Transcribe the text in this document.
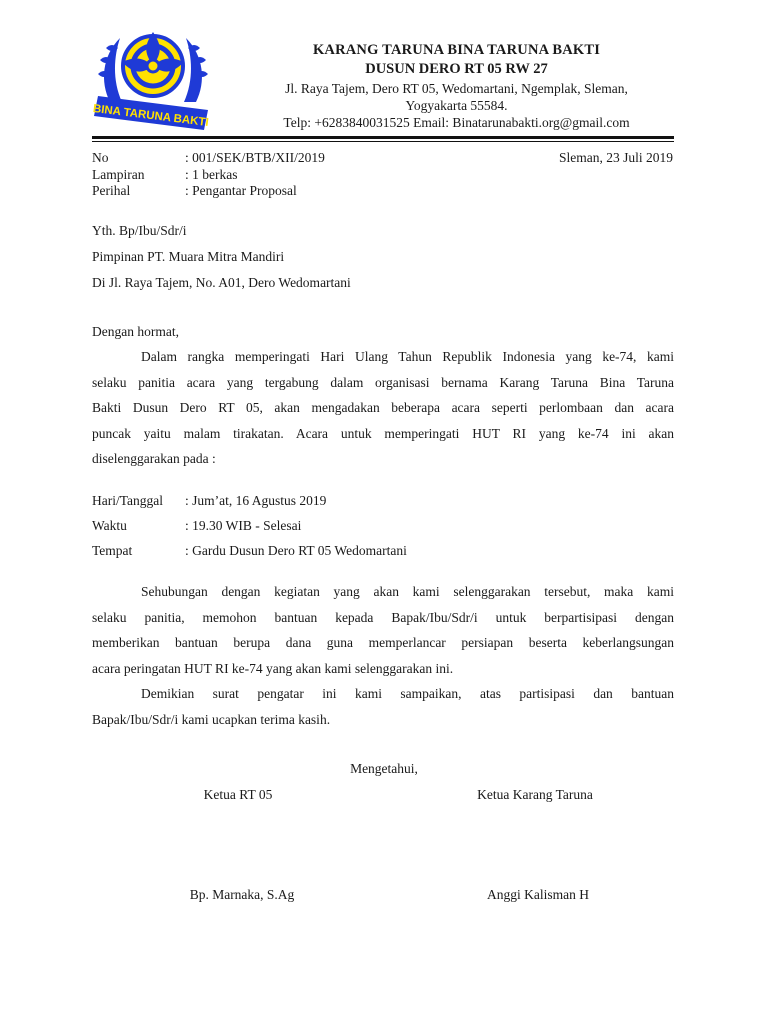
BINA TARUNA BAKTI
KARANG TARUNA BINA TARUNA BAKTI
DUSUN DERO RT 05 RW 27
Jl. Raya Tajem, Dero RT 05, Wedomartani, Ngemplak, Sleman,
Yogyakarta 55584.
Telp: +6283840031525 Email: Binatarunabakti.org@gmail.com
No	: 001/SEK/BTB/XII/2019	Sleman, 23 Juli 2019
Lampiran	: 1 berkas
Perihal	: Pengantar Proposal
Yth. Bp/Ibu/Sdr/i
Pimpinan PT. Muara Mitra Mandiri
Di Jl. Raya Tajem, No. A01, Dero Wedomartani
Dengan hormat,
Dalam rangka memperingati Hari Ulang Tahun Republik Indonesia yang ke-74, kami
selaku panitia acara yang tergabung dalam organisasi bernama Karang Taruna Bina Taruna
Bakti Dusun Dero RT 05, akan mengadakan beberapa acara seperti perlombaan dan acara
puncak yaitu malam tirakatan. Acara untuk memperingati HUT RI yang ke-74 ini akan
diselenggarakan pada :
Hari/Tanggal : Jum’at, 16 Agustus 2019
Waktu	: 19.30 WIB - Selesai
Tempat	: Gardu Dusun Dero RT 05 Wedomartani
Sehubungan dengan kegiatan yang akan kami selenggarakan tersebut, maka kami
selaku panitia, memohon bantuan kepada Bapak/Ibu/Sdr/i untuk berpartisipasi dengan
memberikan bantuan berupa dana guna memperlancar persiapan beserta keberlangsungan
acara peringatan HUT RI ke-74 yang akan kami selenggarakan ini.
Demikian surat pengatar ini kami sampaikan, atas partisipasi dan bantuan
Bapak/Ibu/Sdr/i kami ucapkan terima kasih.
Mengetahui,
Ketua RT 05	Ketua Karang Taruna
Bp. Marnaka, S.Ag	Anggi Kalisman H
